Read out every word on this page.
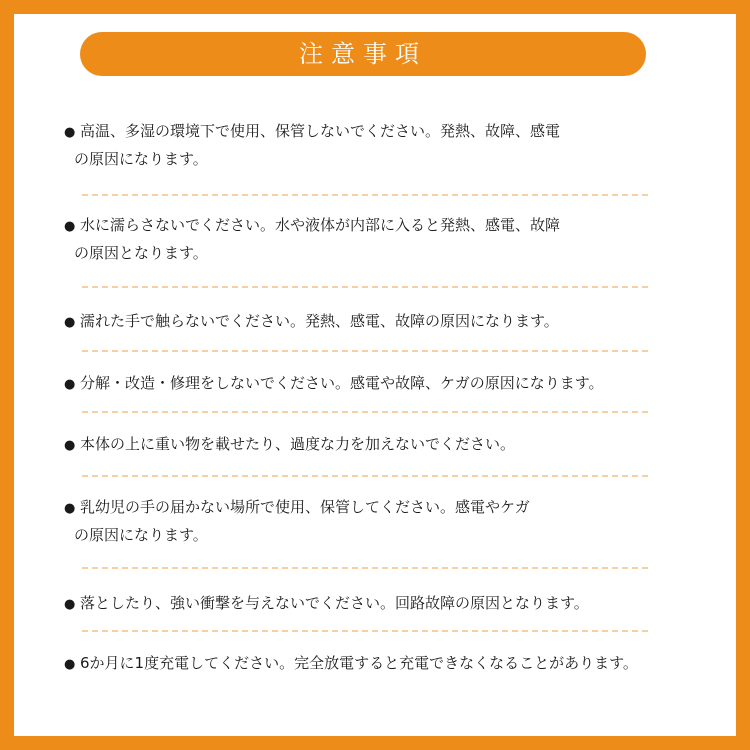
注意事項
● 高温、多湿の環境下で使用、保管しないでください。発熱、故障、感電
の原因になります。
● 水に濡らさないでください。水や液体が内部に入ると発熱、感電、故障
の原因となります。
● 濡れた手で触らないでください。発熱、感電、故障の原因になります。
● 分解・改造・修理をしないでください。感電や故障、ケガの原因になります。
● 本体の上に重い物を載せたり、過度な力を加えないでください。
● 乳幼児の手の届かない場所で使用、保管してください。感電やケガ
の原因になります。
● 落としたり、強い衝撃を与えないでください。回路故障の原因となります。
● 6か月に1度充電してください。完全放電すると充電できなくなることがあります。
